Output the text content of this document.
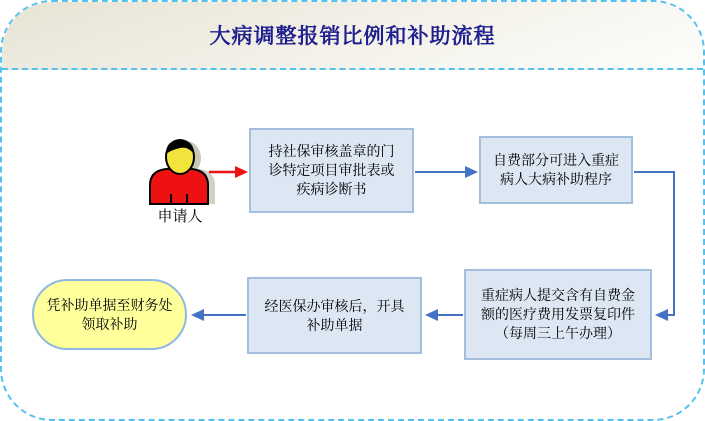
大病调整报销比例和补助流程
申请人
持社保审核盖章的门
诊特定项目审批表或
疾病诊断书
自费部分可进入重症
病人大病补助程序
重症病人提交含有自费金
额的医疗费用发票复印件
（每周三上午办理）
经医保办审核后，开具
补助单据
凭补助单据至财务处
领取补助
